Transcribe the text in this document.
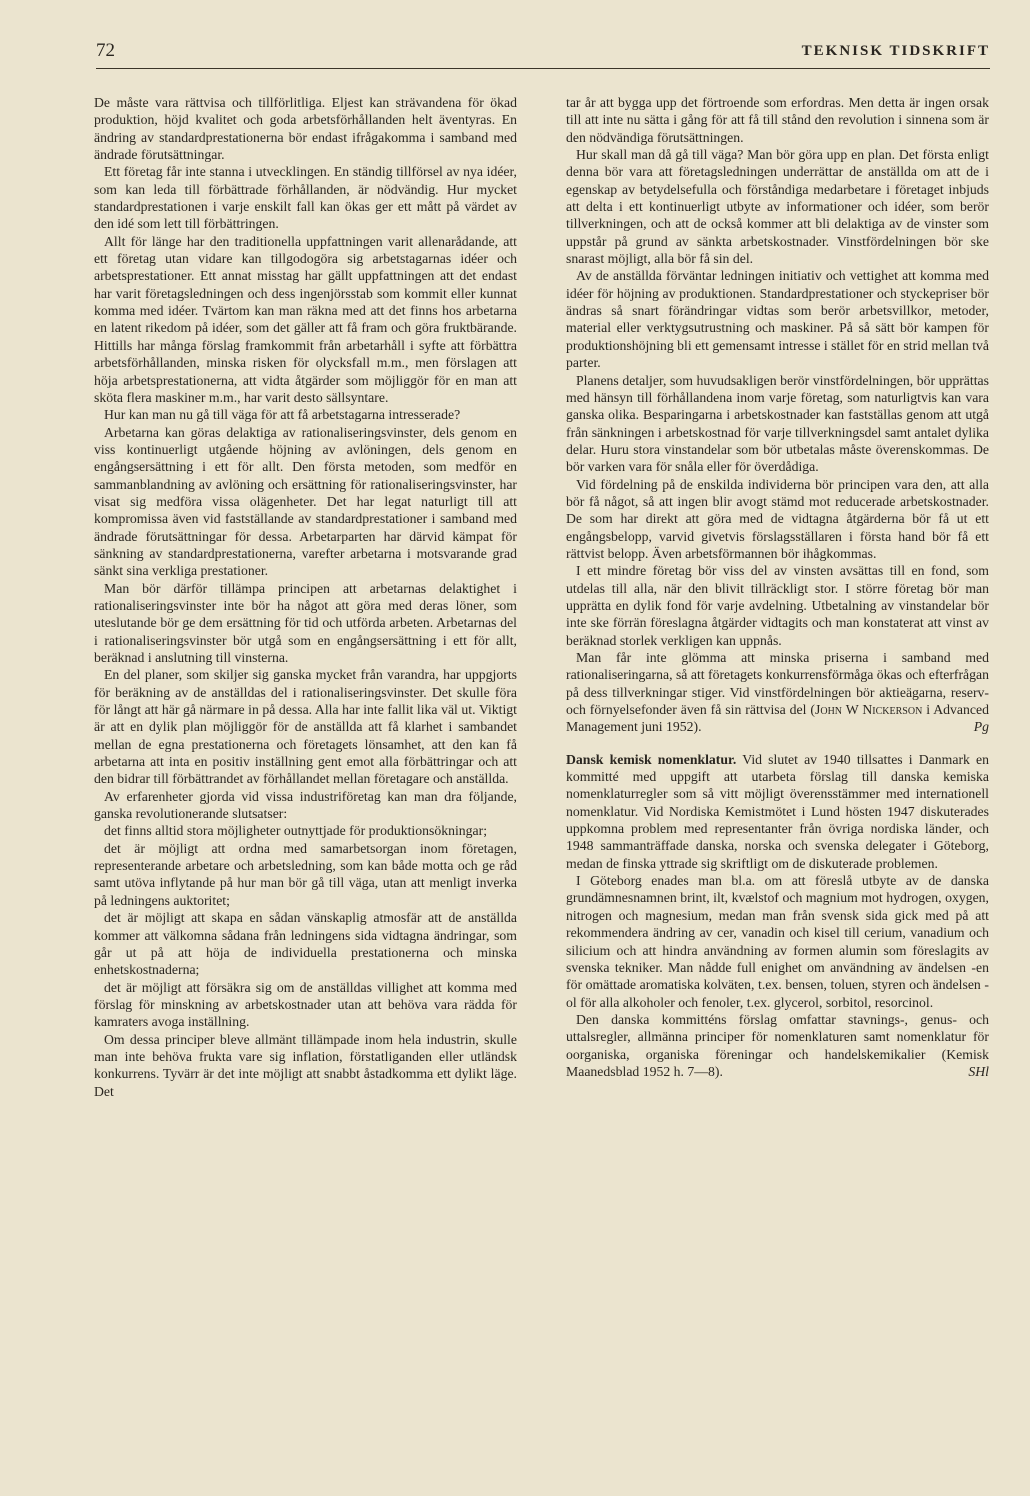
72	TEKNISK TIDSKRIFT

De måste vara rättvisa och tillförlitliga. Eljest kan strävandena för ökad produktion, höjd kvalitet och goda arbetsförhållanden helt äventyras. En ändring av standardprestationerna bör endast ifrågakomma i samband med ändrade förutsättningar.

Ett företag får inte stanna i utvecklingen. En ständig tillförsel av nya idéer, som kan leda till förbättrade förhållanden, är nödvändig. Hur mycket standardprestationen i varje enskilt fall kan ökas ger ett mått på värdet av den idé som lett till förbättringen.

Allt för länge har den traditionella uppfattningen varit allenarådande, att ett företag utan vidare kan tillgodogöra sig arbetstagarnas idéer och arbetsprestationer. Ett annat misstag har gällt uppfattningen att det endast har varit företagsledningen och dess ingenjörsstab som kommit eller kunnat komma med idéer. Tvärtom kan man räkna med att det finns hos arbetarna en latent rikedom på idéer, som det gäller att få fram och göra fruktbärande. Hittills har många förslag framkommit från arbetarhåll i syfte att förbättra arbetsförhållanden, minska risken för olycksfall m.m., men förslagen att höja arbetsprestationerna, att vidta åtgärder som möjliggör för en man att sköta flera maskiner m.m., har varit desto sällsyntare.

Hur kan man nu gå till väga för att få arbetstagarna intresserade?

Arbetarna kan göras delaktiga av rationaliseringsvinster, dels genom en viss kontinuerligt utgående höjning av avlöningen, dels genom en engångsersättning i ett för allt. Den första metoden, som medför en sammanblandning av avlöning och ersättning för rationaliseringsvinster, har visat sig medföra vissa olägenheter. Det har legat naturligt till att kompromissa även vid fastställande av standardprestationer i samband med ändrade förutsättningar för dessa. Arbetarparten har därvid kämpat för sänkning av standardprestationerna, varefter arbetarna i motsvarande grad sänkt sina verkliga prestationer.

Man bör därför tillämpa principen att arbetarnas delaktighet i rationaliseringsvinster inte bör ha något att göra med deras löner, som uteslutande bör ge dem ersättning för tid och utförda arbeten. Arbetarnas del i rationaliseringsvinster bör utgå som en engångsersättning i ett för allt, beräknad i anslutning till vinsterna.

En del planer, som skiljer sig ganska mycket från varandra, har uppgjorts för beräkning av de anställdas del i rationaliseringsvinster. Det skulle föra för långt att här gå närmare in på dessa. Alla har inte fallit lika väl ut. Viktigt är att en dylik plan möjliggör för de anställda att få klarhet i sambandet mellan de egna prestationerna och företagets lönsamhet, att den kan få arbetarna att inta en positiv inställning gent emot alla förbättringar och att den bidrar till förbättrandet av förhållandet mellan företagare och anställda.

Av erfarenheter gjorda vid vissa industriföretag kan man dra följande, ganska revolutionerande slutsatser:

det finns alltid stora möjligheter outnyttjade för produktionsökningar;

det är möjligt att ordna med samarbetsorgan inom företagen, representerande arbetare och arbetsledning, som kan både motta och ge råd samt utöva inflytande på hur man bör gå till väga, utan att menligt inverka på ledningens auktoritet;

det är möjligt att skapa en sådan vänskaplig atmosfär att de anställda kommer att välkomna sådana från ledningens sida vidtagna ändringar, som går ut på att höja de individuella prestationerna och minska enhetskostnaderna;

det är möjligt att försäkra sig om de anställdas villighet att komma med förslag för minskning av arbetskostnader utan att behöva vara rädda för kamraters avoga inställning.

Om dessa principer bleve allmänt tillämpade inom hela industrin, skulle man inte behöva frukta vare sig inflation, förstatliganden eller utländsk konkurrens. Tyvärr är det inte möjligt att snabbt åstadkomma ett dylikt läge. Det

tar år att bygga upp det förtroende som erfordras. Men detta är ingen orsak till att inte nu sätta i gång för att få till stånd den revolution i sinnena som är den nödvändiga förutsättningen.

Hur skall man då gå till väga? Man bör göra upp en plan. Det första enligt denna bör vara att företagsledningen underrättar de anställda om att de i egenskap av betydelsefulla och förståndiga medarbetare i företaget inbjuds att delta i ett kontinuerligt utbyte av informationer och idéer, som berör tillverkningen, och att de också kommer att bli delaktiga av de vinster som uppstår på grund av sänkta arbetskostnader. Vinstfördelningen bör ske snarast möjligt, alla bör få sin del.

Av de anställda förväntar ledningen initiativ och vettighet att komma med idéer för höjning av produktionen. Standardprestationer och styckepriser bör ändras så snart förändringar vidtas som berör arbetsvillkor, metoder, material eller verktygsutrustning och maskiner. På så sätt bör kampen för produktionshöjning bli ett gemensamt intresse i stället för en strid mellan två parter.

Planens detaljer, som huvudsakligen berör vinstfördelningen, bör upprättas med hänsyn till förhållandena inom varje företag, som naturligtvis kan vara ganska olika. Besparingarna i arbetskostnader kan fastställas genom att utgå från sänkningen i arbetskostnad för varje tillverkningsdel samt antalet dylika delar. Huru stora vinstandelar som bör utbetalas måste överenskommas. De bör varken vara för snåla eller för överdådiga.

Vid fördelning på de enskilda individerna bör principen vara den, att alla bör få något, så att ingen blir avogt stämd mot reducerade arbetskostnader. De som har direkt att göra med de vidtagna åtgärderna bör få ut ett engångsbelopp, varvid givetvis förslagsställaren i första hand bör få ett rättvist belopp. Även arbetsförmannen bör ihågkommas.

I ett mindre företag bör viss del av vinsten avsättas till en fond, som utdelas till alla, när den blivit tillräckligt stor. I större företag bör man upprätta en dylik fond för varje avdelning. Utbetalning av vinstandelar bör inte ske förrän föreslagna åtgärder vidtagits och man konstaterat att vinst av beräknad storlek verkligen kan uppnås.

Man får inte glömma att minska priserna i samband med rationaliseringarna, så att företagets konkurrensförmåga ökas och efterfrågan på dess tillverkningar stiger. Vid vinstfördelningen bör aktieägarna, reserv- och förnyelsefonder även få sin rättvisa del (John W Nickerson i Advanced Management juni 1952).	Pg

Dansk kemisk nomenklatur. Vid slutet av 1940 tillsattes i Danmark en kommitté med uppgift att utarbeta förslag till danska kemiska nomenklaturregler som så vitt möjligt överensstämmer med internationell nomenklatur. Vid Nordiska Kemistmötet i Lund hösten 1947 diskuterades uppkomna problem med representanter från övriga nordiska länder, och 1948 sammanträffade danska, norska och svenska delegater i Göteborg, medan de finska yttrade sig skriftligt om de diskuterade problemen.

I Göteborg enades man bl.a. om att föreslå utbyte av de danska grundämnesnamnen brint, ilt, kvælstof och magnium mot hydrogen, oxygen, nitrogen och magnesium, medan man från svensk sida gick med på att rekommendera ändring av cer, vanadin och kisel till cerium, vanadium och silicium och att hindra användning av formen alumin som föreslagits av svenska tekniker. Man nådde full enighet om användning av ändelsen -en för omättade aromatiska kolväten, t.ex. bensen, toluen, styren och ändelsen -ol för alla alkoholer och fenoler, t.ex. glycerol, sorbitol, resorcinol.

Den danska kommitténs förslag omfattar stavnings-, genus- och uttalsregler, allmänna principer för nomenklaturen samt nomenklatur för oorganiska, organiska föreningar och handelskemikalier (Kemisk Maanedsblad 1952 h. 7—8).	SHl
